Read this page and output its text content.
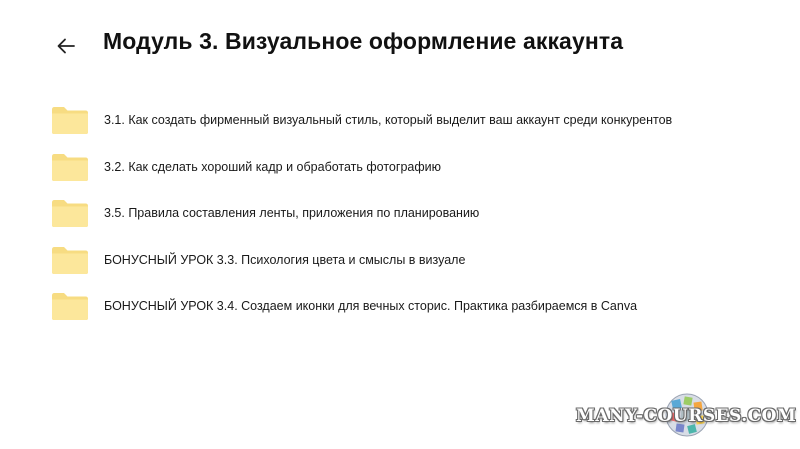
Модуль 3. Визуальное оформление аккаунта
3.1. Как создать фирменный визуальный стиль, который выделит ваш аккаунт среди конкурентов
3.2. Как сделать хороший кадр и обработать фотографию
3.5. Правила составления ленты, приложения по планированию
БОНУСНЫЙ УРОК 3.3. Психология цвета и смыслы в визуале
БОНУСНЫЙ УРОК 3.4. Создаем иконки для вечных сторис. Практика разбираемся в Canva
MANY-COURSES.COM
